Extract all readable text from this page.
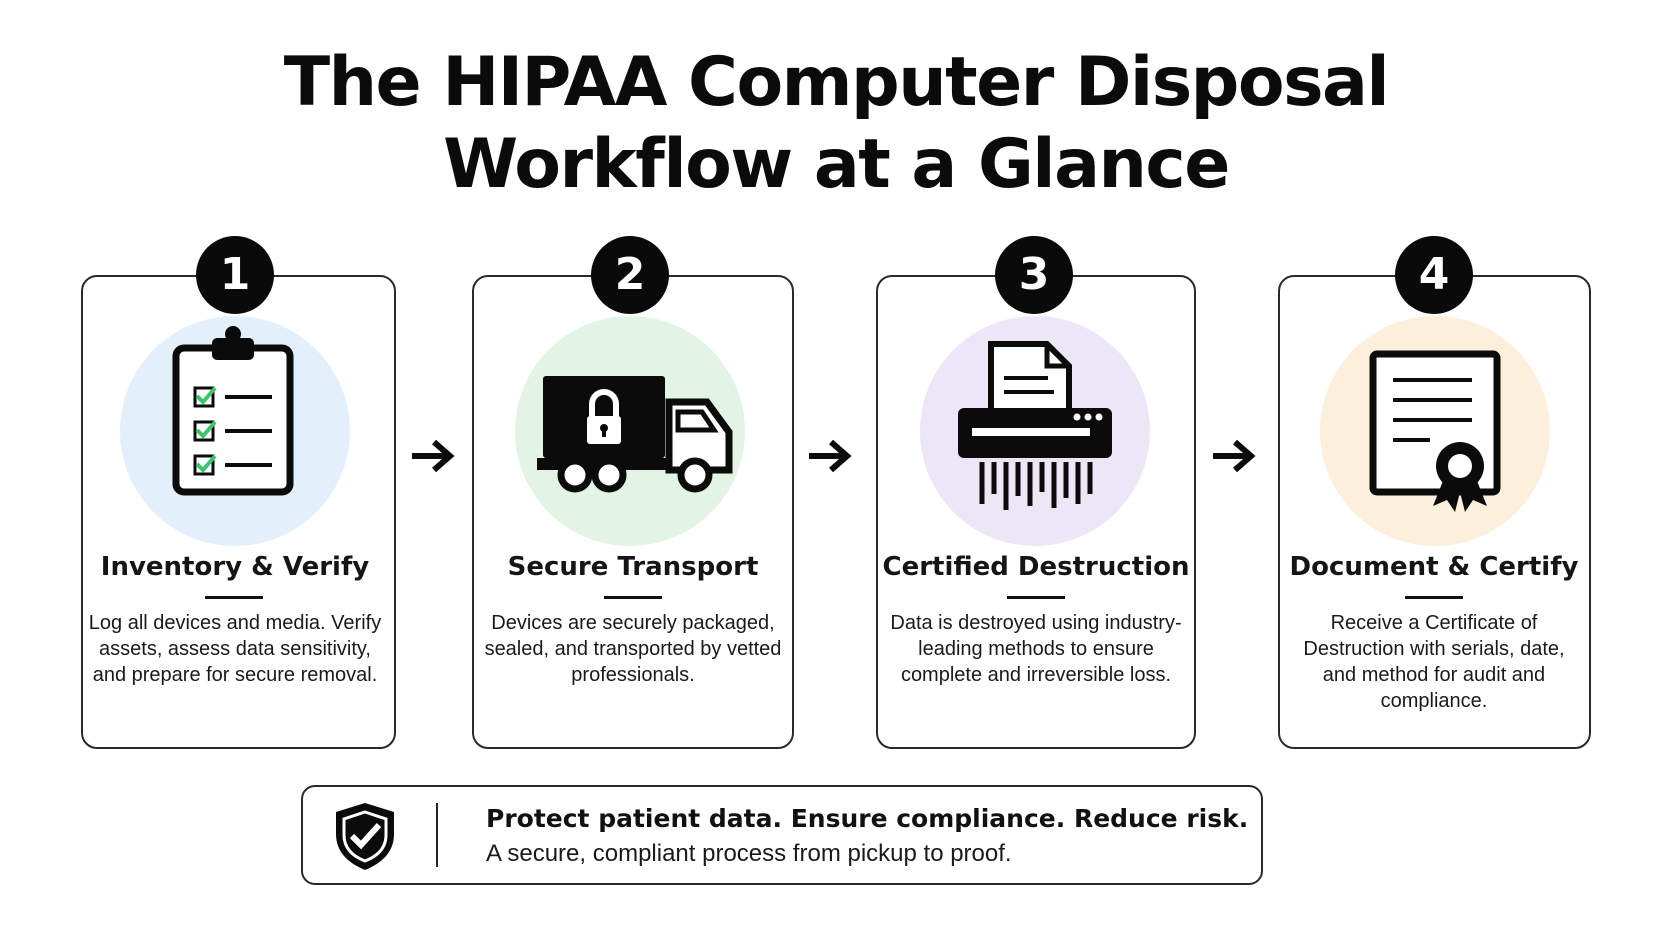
The HIPAA Computer Disposal
Workflow at a Glance
1
Inventory & Verify
Log all devices and media. Verify assets, assess data sensitivity, and prepare for secure removal.
2
Secure Transport
Devices are securely packaged, sealed, and transported by vetted professionals.
3
Certified Destruction
Data is destroyed using industry-leading methods to ensure complete and irreversible loss.
4
Document & Certify
Receive a Certificate of Destruction with serials, date, and method for audit and compliance.
Protect patient data. Ensure compliance. Reduce risk.
A secure, compliant process from pickup to proof.
